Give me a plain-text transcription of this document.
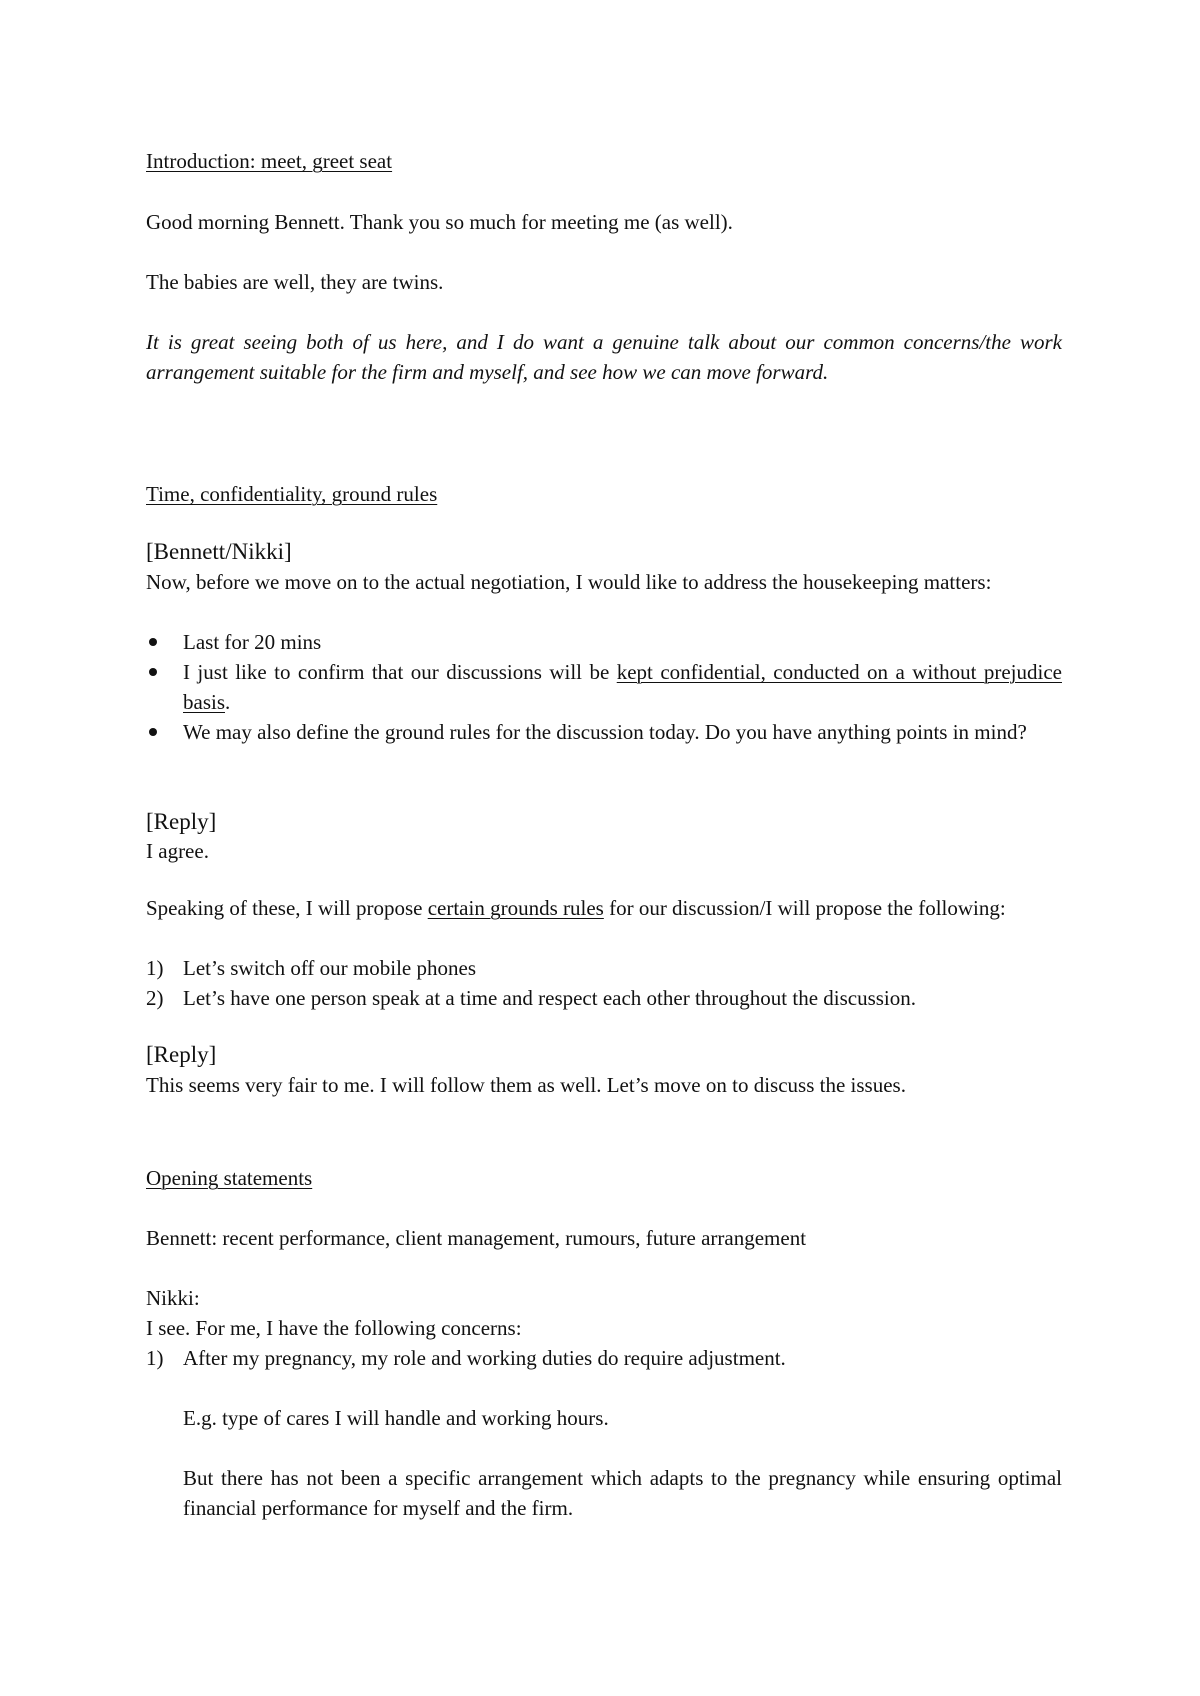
Introduction: meet, greet seat
Good morning Bennett. Thank you so much for meeting me (as well).
The babies are well, they are twins.
It is great seeing both of us here, and I do want a genuine talk about our common concerns/the work arrangement suitable for the firm and myself, and see how we can move forward.
Time, confidentiality, ground rules
[Bennett/Nikki]
Now, before we move on to the actual negotiation, I would like to address the housekeeping matters:
Last for 20 mins
I just like to confirm that our discussions will be kept confidential, conducted on a without prejudice basis.
We may also define the ground rules for the discussion today. Do you have anything points in mind?
[Reply]
I agree.
Speaking of these, I will propose certain grounds rules for our discussion/I will propose the following:
1) Let’s switch off our mobile phones
2) Let’s have one person speak at a time and respect each other throughout the discussion.
[Reply]
This seems very fair to me. I will follow them as well. Let’s move on to discuss the issues.
Opening statements
Bennett: recent performance, client management, rumours, future arrangement
Nikki:
I see. For me, I have the following concerns:
1) After my pregnancy, my role and working duties do require adjustment.
E.g. type of cares I will handle and working hours.
But there has not been a specific arrangement which adapts to the pregnancy while ensuring optimal financial performance for myself and the firm.
